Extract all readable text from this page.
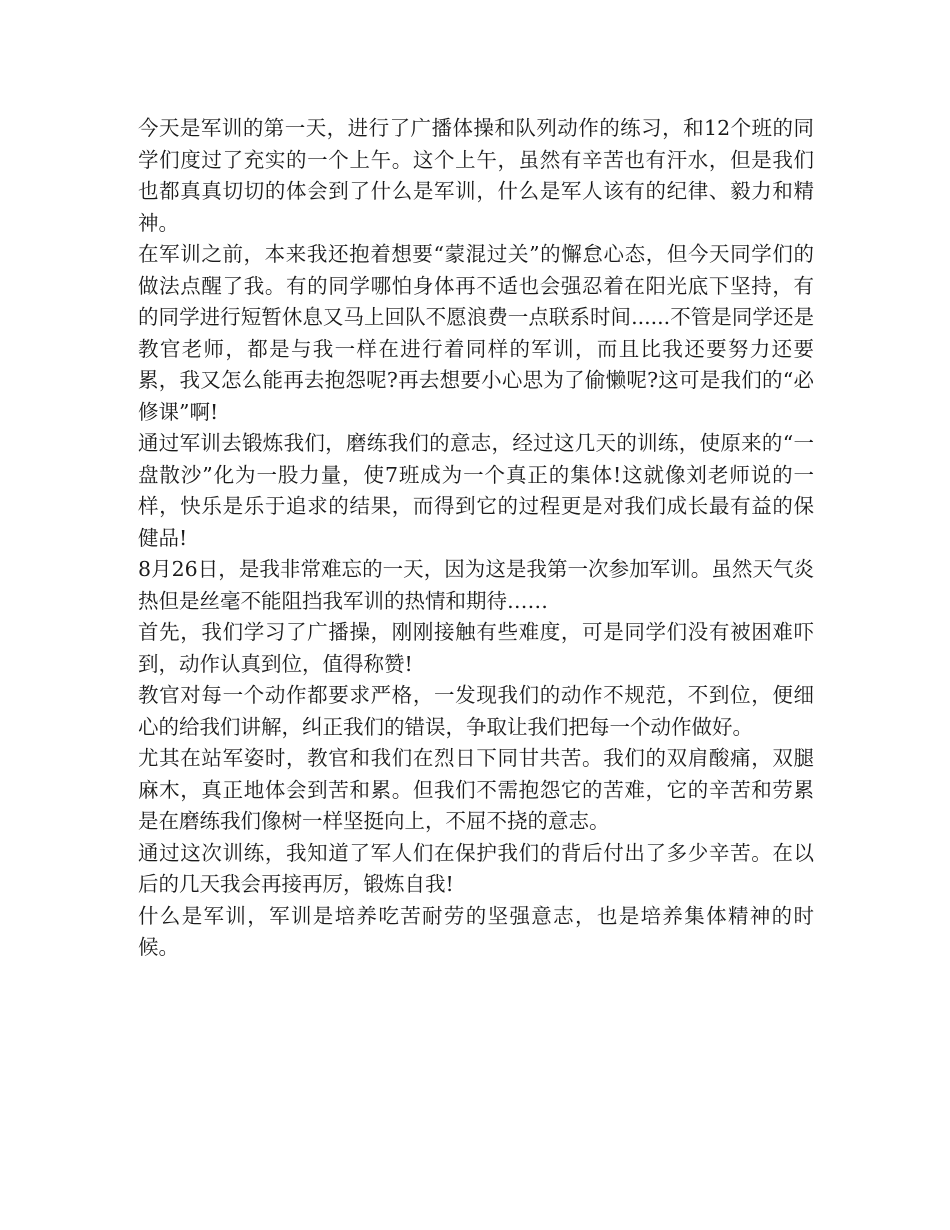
今天是军训的第一天，进行了广播体操和队列动作的练习，和12个班的同学们度过了充实的一个上午。这个上午，虽然有辛苦也有汗水，但是我们也都真真切切的体会到了什么是军训，什么是军人该有的纪律、毅力和精神。

在军训之前，本来我还抱着想要“蒙混过关”的懈怠心态，但今天同学们的做法点醒了我。有的同学哪怕身体再不适也会强忍着在阳光底下坚持，有的同学进行短暂休息又马上回队不愿浪费一点联系时间......不管是同学还是教官老师，都是与我一样在进行着同样的军训，而且比我还要努力还要累，我又怎么能再去抱怨呢?再去想要小心思为了偷懒呢?这可是我们的“必修课”啊!

通过军训去锻炼我们，磨练我们的意志，经过这几天的训练，使原来的“一盘散沙”化为一股力量，使7班成为一个真正的集体!这就像刘老师说的一样，快乐是乐于追求的结果，而得到它的过程更是对我们成长最有益的保健品!

8月26日，是我非常难忘的一天，因为这是我第一次参加军训。虽然天气炎热但是丝毫不能阻挡我军训的热情和期待……

首先，我们学习了广播操，刚刚接触有些难度，可是同学们没有被困难吓到，动作认真到位，值得称赞!

教官对每一个动作都要求严格，一发现我们的动作不规范，不到位，便细心的给我们讲解，纠正我们的错误，争取让我们把每一个动作做好。

尤其在站军姿时，教官和我们在烈日下同甘共苦。我们的双肩酸痛，双腿麻木，真正地体会到苦和累。但我们不需抱怨它的苦难，它的辛苦和劳累是在磨练我们像树一样坚挺向上，不屈不挠的意志。

通过这次训练，我知道了军人们在保护我们的背后付出了多少辛苦。在以后的几天我会再接再厉，锻炼自我!

什么是军训，军训是培养吃苦耐劳的坚强意志，也是培养集体精神的时候。
